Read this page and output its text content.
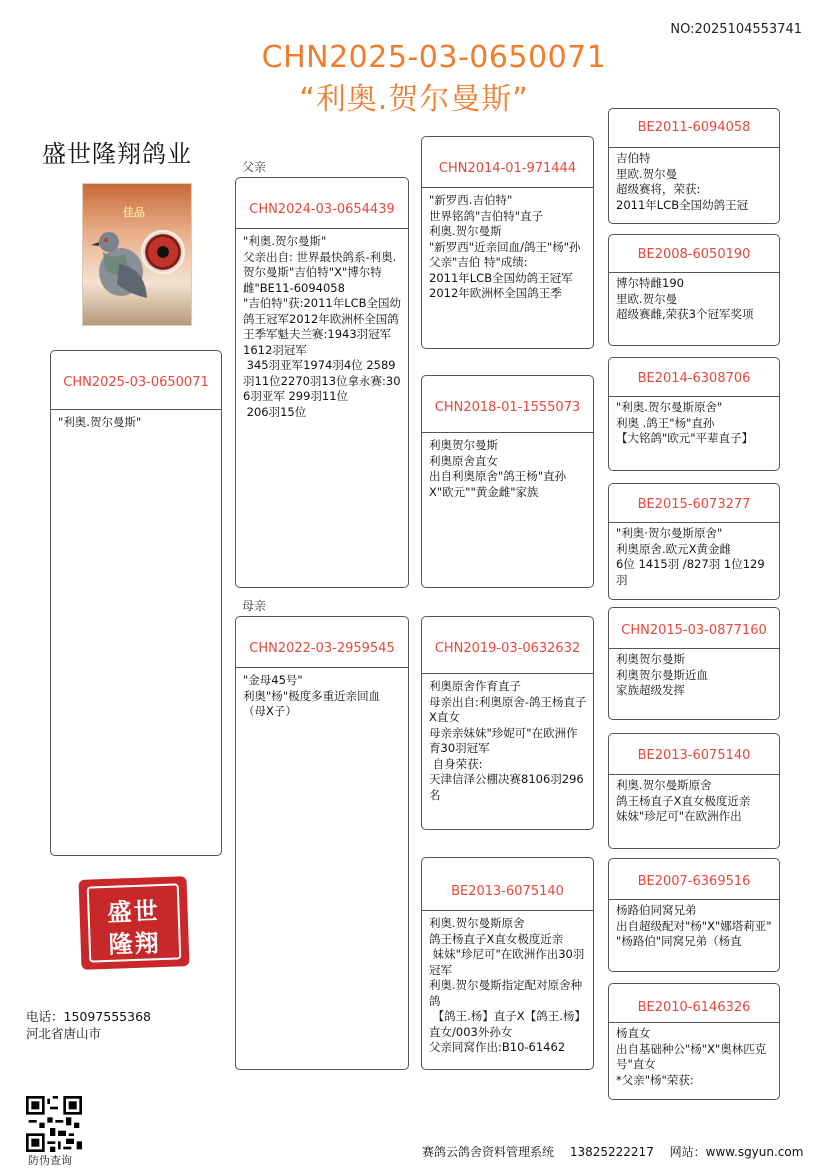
NO:2025104553741
CHN2025-03-0650071
“利奥.贺尔曼斯”
盛世隆翔鸽业
佳品
父亲
母亲
CHN2025-03-0650071
"利奥.贺尔曼斯"
CHN2024-03-0654439
"利奥.贺尔曼斯"
父亲出自: 世界最快鸽系-利奥.贺尔曼斯"吉伯特"X"博尔特雌"BE11-6094058
"吉伯特"获:2011年LCB全国幼鸽王冠军2012年欧洲杯全国鸽王季军魁夫兰赛:1943羽冠军 1612羽冠军
345羽亚军1974羽4位 2589羽11位2270羽13位拿永赛:306羽亚军 299羽11位
206羽15位
CHN2022-03-2959545
"金母45号"
利奥"杨"极度多重近亲回血（母X子）
CHN2014-01-971444
"新罗西.吉伯特"
世界铭鸽"吉伯特"直子
利奥.贺尔曼斯
"新罗西"近亲回血/鸽王"杨"孙
父亲"吉伯 特"成绩:
2011年LCB全国幼鸽王冠军
2012年欧洲杯全国鸽王季
CHN2018-01-1555073
利奥贺尔曼斯
利奥原舍直女
出自利奥原舍"鸽王杨"直孙X"欧元""黄金雌"家族
CHN2019-03-0632632
利奥原舍作育直子
母亲出自:利奥原舍-鸽王杨直子X直女
母亲亲妹妹"珍妮可"在欧洲作育30羽冠军
自身荣获:
天津信泽公棚决赛8106羽296名
BE2013-6075140
利奥.贺尔曼斯原舍
鸽王杨直子X直女极度近亲
妹妹"珍尼可"在欧洲作出30羽冠军
利奥.贺尔曼斯指定配对原舍种鸽
【鸽王.杨】直子X【鸽王.杨】直女/003外孙女
父亲同窝作出:B10-61462
BE2011-6094058
吉伯特
里欧.贺尔曼
超级赛将，荣获:
2011年LCB全国幼鸽王冠
BE2008-6050190
博尔特雌190
里欧.贺尔曼
超级赛雌,荣获3个冠军奖项
BE2014-6308706
"利奥.贺尔曼斯原舍"
利奥 .鸽王"杨"直孙
【大铭鸽"欧元"平辈直子】
BE2015-6073277
"利奥·贺尔曼斯原舍"
利奥原舍.欧元X黄金雌
6位 1415羽 /827羽 1位129羽
CHN2015-03-0877160
利奥贺尔曼斯
利奥贺尔曼斯近血
家族超级发挥
BE2013-6075140
利奥.贺尔曼斯原舍
鸽王杨直子X直女极度近亲
妹妹"珍尼可"在欧洲作出
BE2007-6369516
杨路伯同窝兄弟
出自超级配对"杨"X"娜塔莉亚"
"杨路伯"同窝兄弟（杨直
BE2010-6146326
杨直女
出自基础种公"杨"X"奥林匹克号"直女
*父亲"杨"荣获:
盛世
隆翔
电话：15097555368
河北省唐山市
防伪查询
赛鸽云鸽舍资料管理系统 13825222217 网站：www.sgyun.com
